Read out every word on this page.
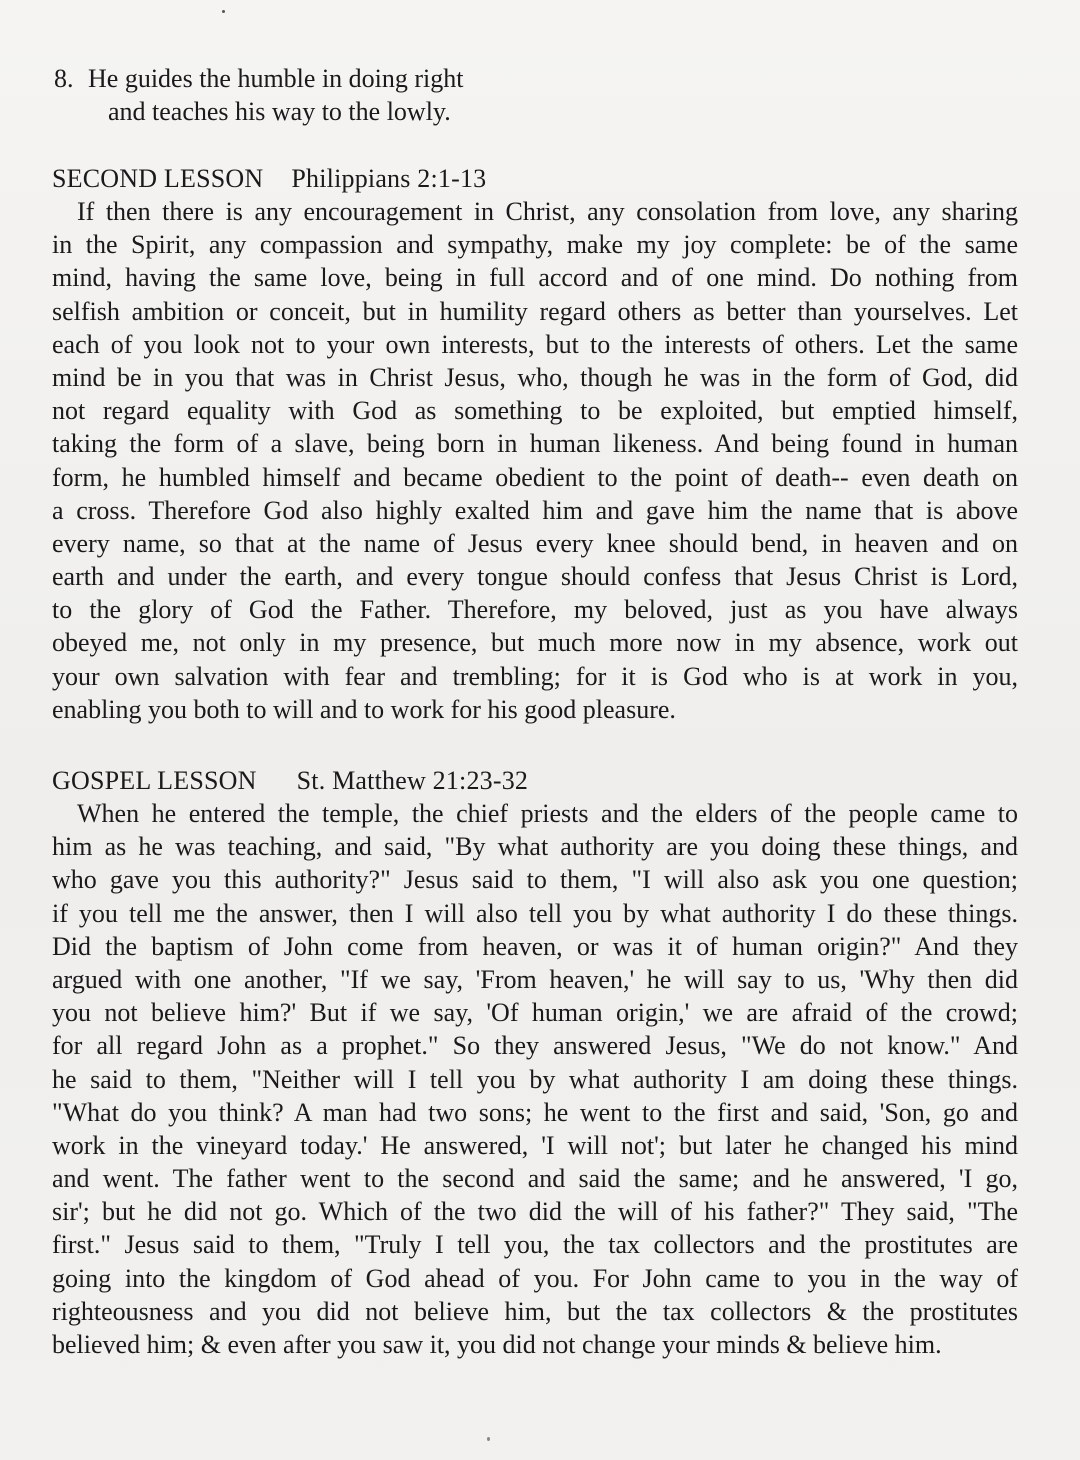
8. He guides the humble in doing right
and teaches his way to the lowly.
SECOND LESSON Philippians 2:1-13
If then there is any encouragement in Christ, any consolation from love, any sharing
in the Spirit, any compassion and sympathy, make my joy complete: be of the same
mind, having the same love, being in full accord and of one mind. Do nothing from
selfish ambition or conceit, but in humility regard others as better than yourselves. Let
each of you look not to your own interests, but to the interests of others. Let the same
mind be in you that was in Christ Jesus, who, though he was in the form of God, did
not regard equality with God as something to be exploited, but emptied himself,
taking the form of a slave, being born in human likeness. And being found in human
form, he humbled himself and became obedient to the point of death-- even death on
a cross. Therefore God also highly exalted him and gave him the name that is above
every name, so that at the name of Jesus every knee should bend, in heaven and on
earth and under the earth, and every tongue should confess that Jesus Christ is Lord,
to the glory of God the Father. Therefore, my beloved, just as you have always
obeyed me, not only in my presence, but much more now in my absence, work out
your own salvation with fear and trembling; for it is God who is at work in you,
enabling you both to will and to work for his good pleasure.
GOSPEL LESSON St. Matthew 21:23-32
When he entered the temple, the chief priests and the elders of the people came to
him as he was teaching, and said, "By what authority are you doing these things, and
who gave you this authority?" Jesus said to them, "I will also ask you one question;
if you tell me the answer, then I will also tell you by what authority I do these things.
Did the baptism of John come from heaven, or was it of human origin?" And they
argued with one another, "If we say, 'From heaven,' he will say to us, 'Why then did
you not believe him?' But if we say, 'Of human origin,' we are afraid of the crowd;
for all regard John as a prophet." So they answered Jesus, "We do not know." And
he said to them, "Neither will I tell you by what authority I am doing these things.
"What do you think? A man had two sons; he went to the first and said, 'Son, go and
work in the vineyard today.' He answered, 'I will not'; but later he changed his mind
and went. The father went to the second and said the same; and he answered, 'I go,
sir'; but he did not go. Which of the two did the will of his father?" They said, "The
first." Jesus said to them, "Truly I tell you, the tax collectors and the prostitutes are
going into the kingdom of God ahead of you. For John came to you in the way of
righteousness and you did not believe him, but the tax collectors & the prostitutes
believed him; & even after you saw it, you did not change your minds & believe him.
